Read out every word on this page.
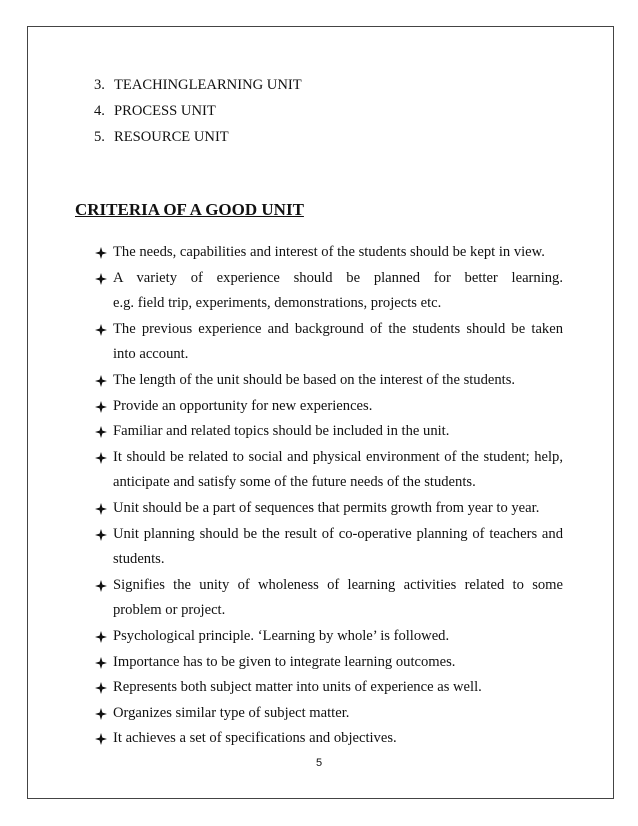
3. TEACHINGLEARNING UNIT
4. PROCESS UNIT
5. RESOURCE UNIT
CRITERIA OF A GOOD UNIT
The needs, capabilities and interest of the students should be kept in view.
A variety of experience should be planned for better learning.
e.g. field trip, experiments, demonstrations, projects etc.
The previous experience and background of the students should be taken
into account.
The length of the unit should be based on the interest of the students.
Provide an opportunity for new experiences.
Familiar and related topics should be included in the unit.
It should be related to social and physical environment of the student; help,
anticipate and satisfy some of the future needs of the students.
Unit should be a part of sequences that permits growth from year to year.
Unit planning should be the result of co-operative planning of teachers and
students.
Signifies the unity of wholeness of learning activities related to some
problem or project.
Psychological principle. ‘Learning by whole’ is followed.
Importance has to be given to integrate learning outcomes.
Represents both subject matter into units of experience as well.
Organizes similar type of subject matter.
It achieves a set of specifications and objectives.
5
